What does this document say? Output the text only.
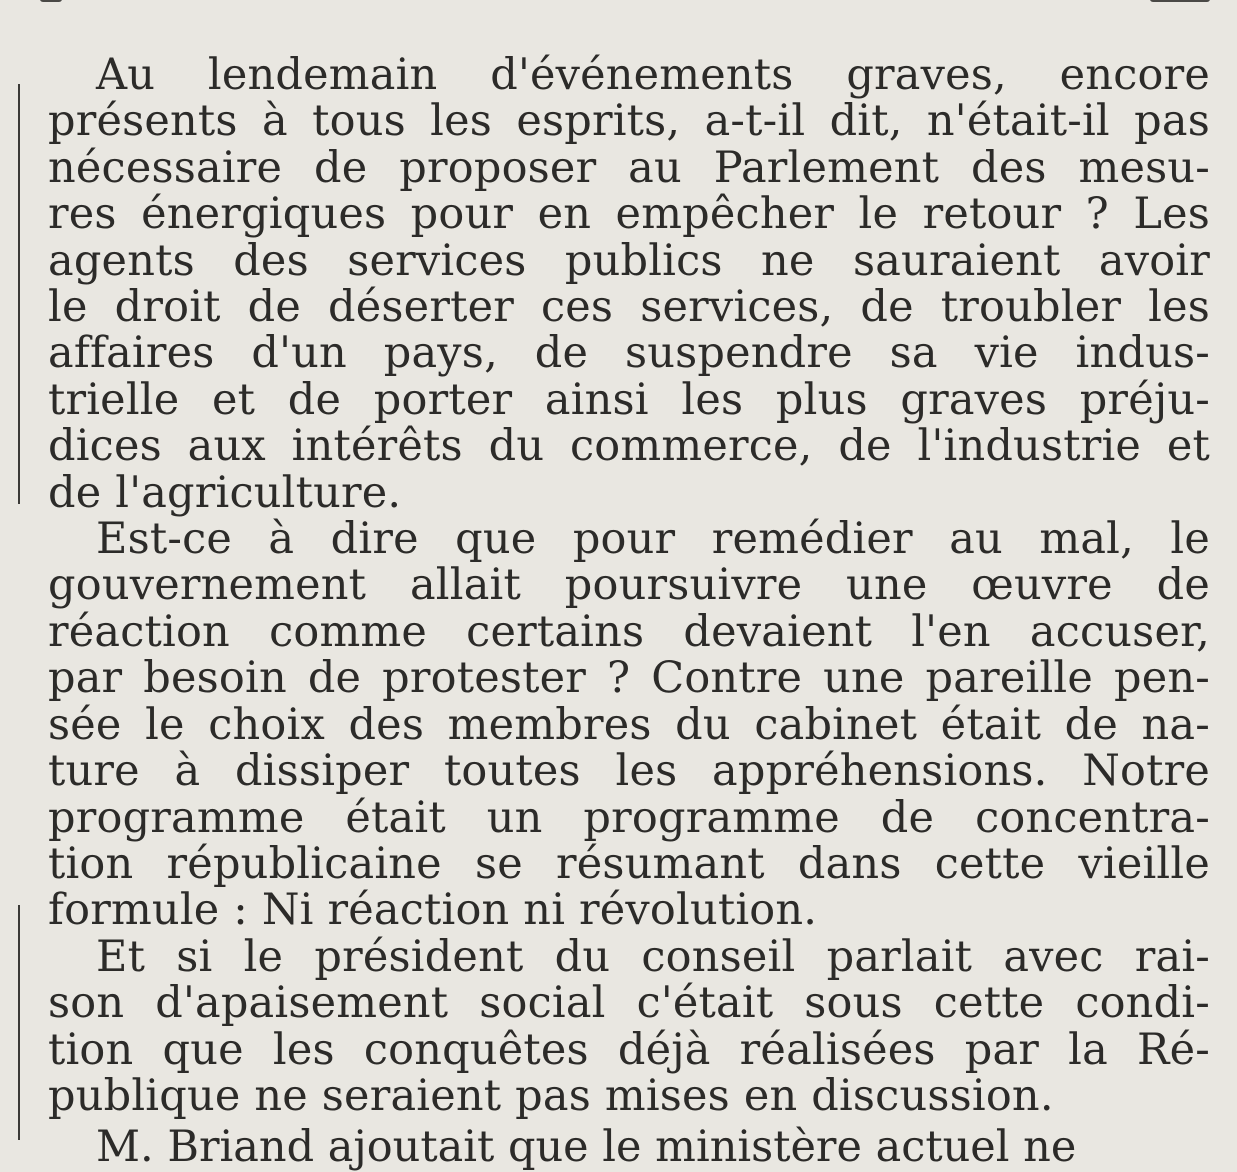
Au lendemain d'événements graves, encore
présents à tous les esprits, a-t-il dit, n'était-il pas
nécessaire de proposer au Parlement des mesu-
res énergiques pour en empêcher le retour ? Les
agents des services publics ne sauraient avoir
le droit de déserter ces services, de troubler les
affaires d'un pays, de suspendre sa vie indus-
trielle et de porter ainsi les plus graves préju-
dices aux intérêts du commerce, de l'industrie et
de l'agriculture.

Est-ce à dire que pour remédier au mal, le
gouvernement allait poursuivre une œuvre de
réaction comme certains devaient l'en accuser,
par besoin de protester ? Contre une pareille pen-
sée le choix des membres du cabinet était de na-
ture à dissiper toutes les appréhensions. Notre
programme était un programme de concentra-
tion républicaine se résumant dans cette vieille
formule : Ni réaction ni révolution.

Et si le président du conseil parlait avec rai-
son d'apaisement social c'était sous cette condi-
tion que les conquêtes déjà réalisées par la Ré-
publique ne seraient pas mises en discussion.

M. Briand ajoutait que le ministère actuel ne
